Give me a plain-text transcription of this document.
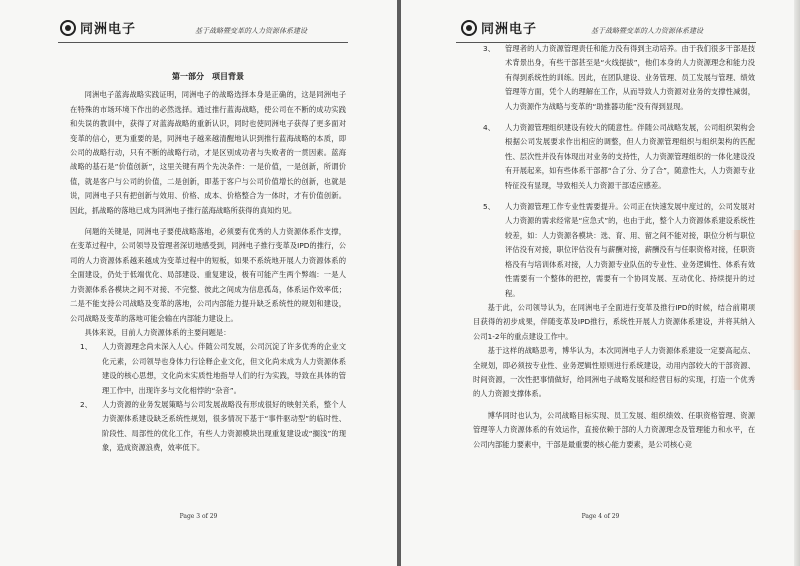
同洲电子	基于战略暨变革的人力资源体系建设
第一部分　项目背景

同洲电子蓝海战略实践证明，同洲电子的战略选择本身是正确的，这是同洲电子在特殊的市场环境下作出的必然选择。通过推行蓝海战略，使公司在不断的成功实践和失误的教训中，获得了对蓝海战略的重新认识，同时也使同洲电子获得了更多面对变革的信心，更为重要的是，同洲电子越来越清醒地认识到推行蓝海战略的本质，即公司的战略行动，只有不断的战略行动，才是区别成功者与失败者的一贯因素。蓝海战略的基石是“价值创新”，这里关键有两个先决条件：一是价值，一是创新，所谓价值，就是客户与公司的价值，二是创新，即基于客户与公司价值增长的创新，也就是说，同洲电子只有把创新与效用、价格、成本、价格整合为一体时，才有价值创新。因此，抓战略的落地已成为同洲电子推行蓝海战略所获得的真知灼见。

问题的关键是，同洲电子要使战略落地，必须要有优秀的人力资源体系作支撑，在变革过程中，公司领导及管理者深切地感受到，同洲电子推行变革及IPD的推行，公司的人力资源体系越来越成为变革过程中的短板，如果不系统地开展人力资源体系的全面建设，仍处于低端优化、局部建设、重复建设，极有可能产生两个弊端：一是人力资源体系各模块之间不对接、不完整、彼此之间成为信息孤岛，体系运作效率低；二是不能支持公司战略及变革的落地，公司内部能力提升缺乏系统性的规划和建设，公司战略及变革的落地可能会输在内部能力建设上。

具体来说，目前人力资源体系的主要问题是：

1、	人力资源理念尚未深入人心。伴随公司发展，公司沉淀了许多优秀的企业文化元素，公司领导也身体力行诠释企业文化，但文化尚未成为人力资源体系建设的核心思想，文化尚未实质性地指导人们的行为实践，导致在具体的管理工作中，出现许多与文化相悖的“杂音”。
2、	人力资源的业务发展策略与公司发展战略没有形成很好的映射关系，整个人力资源体系建设缺乏系统性规划，很多情况下基于“事件驱动型”的临时性、阶段性、局部性的优化工作，有些人力资源模块出现重复建设或“搁浅”的现象，造成资源浪费，效率低下。
Page 3 of 29
同洲电子	基于战略暨变革的人力资源体系建设
3、	管理者的人力资源管理责任和能力没有得到主动培养。由于我们很多干部是技术背景出身，有些干部甚至是“火线提拔”，他们本身的人力资源理念和能力没有得到系统性的训练。因此，在团队建设、业务管理、员工发展与管理、绩效管理等方面，凭个人的理解在工作，从而导致人力资源对业务的支撑性减弱，人力资源作为战略与变革的“助推器功能”没有得到显现。
4、	人力资源管理组织建设有较大的随意性。伴随公司战略发展，公司组织架构会根据公司发展要求作出相应的调整，但人力资源管理组织与组织架构的匹配性、层次性并没有体现出对业务的支持性，人力资源管理组织的一体化建设没有开展起来，如有些体系干部都“合了分、分了合”，随意性大，人力资源专业特征没有显现，导致相关人力资源干部适应感差。
5、	人力资源管理工作专业性需要提升。公司正在快速发展中度过的，公司发展对人力资源的需求经常是“应急式”的，也由于此，整个人力资源体系建设系统性较差，如：人力资源各模块：选、育、用、留之间不能对接，职位分析与职位评估没有对接，职位评估没有与薪酬对接，薪酬没有与任职资格对接，任职资格没有与培训体系对接，人力资源专业队伍的专业性、业务逻辑性、体系有效性需要有一个整体的把控，需要有一个协同发展、互动优化、持续提升的过程。

基于此，公司领导认为，在同洲电子全面进行变革及推行IPD的时候，结合前期项目获得的初步成果，伴随变革及IPD推行，系统性开展人力资源体系建设，并将其纳入公司1-2年的重点建设工作中。

基于这样的战略思考，博华认为，本次同洲电子人力资源体系建设一定要高起点、全规划，即必须按专业性、业务逻辑性原则进行系统建设，动用内部较大的干部资源、时间资源，一次性把事情做好，给同洲电子战略发展和经营目标的实现，打造一个优秀的人力资源支撑体系。

博华同时也认为，公司战略目标实现、员工发展、组织绩效、任职资格管理、资源管理等人力资源体系的有效运作，直接依赖于部的人力资源理念及管理能力和水平，在公司内部能力要素中，干部是最重要的核心能力要素，是公司核心竞

Page 4 of 29
